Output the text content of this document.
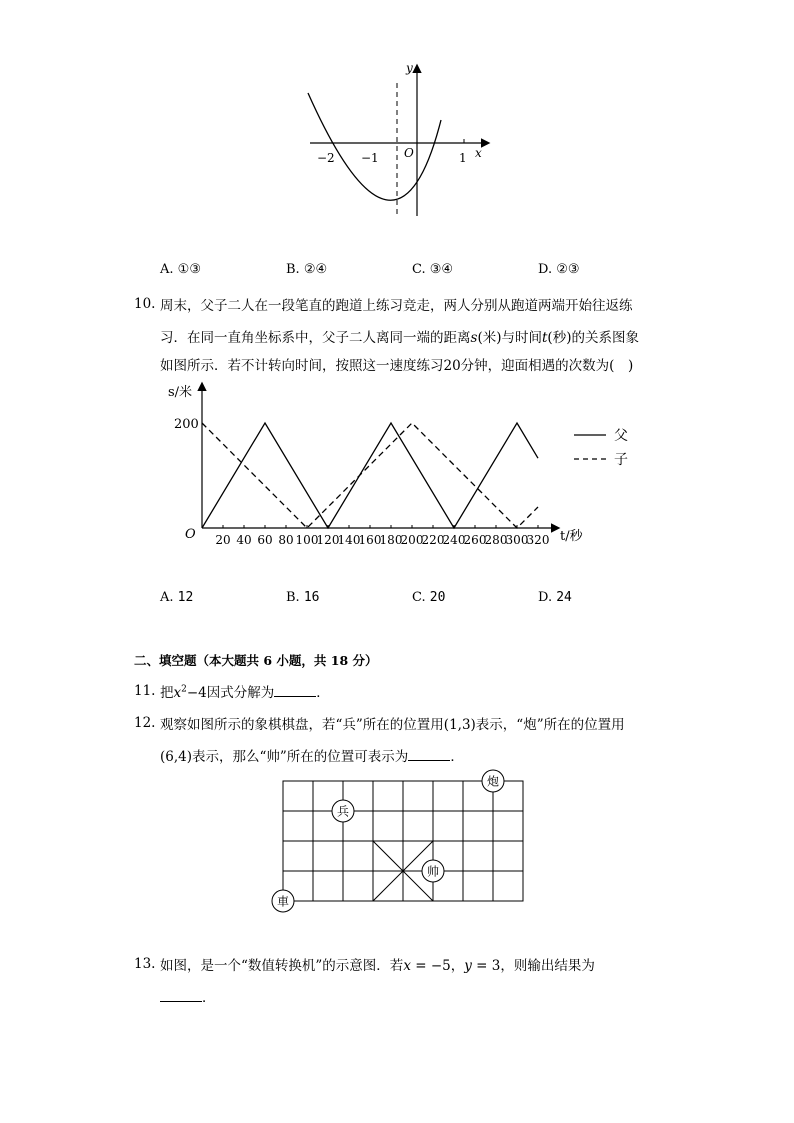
y
x
O
−2 −1	1
A. ①③	B. ②④	C. ③④	D. ②③
10. 周末，父子二人在一段笔直的跑道上练习竞走，两人分别从跑道两端开始往返练
习．在同一直角坐标系中，父子二人离同一端的距离s(米)与时间t(秒)的关系图象
如图所示．若不计转向时间，按照这一速度练习20分钟，迎面相遇的次数为(　)
s/米
t/秒
O
200
20 40 60 80 100
120
140
160
180
200
220
240
260
280
300
320
父
子
A. 12	B. 16	C. 20	D. 24
二、填空题（本大题共 6 小题，共 18 分）
11. 把$x^2-4$因式分解为	．
12. 观察如图所示的象棋棋盘，若“兵”所在的位置用(1,3)表示，“炮”所在的位置用
(6,4)表示，那么“帅”所在的位置可表示为	．
兵
炮
帅
車
13. 如图，是一个“数值转换机”的示意图．若x = −5，y = 3，则输出结果为
．
